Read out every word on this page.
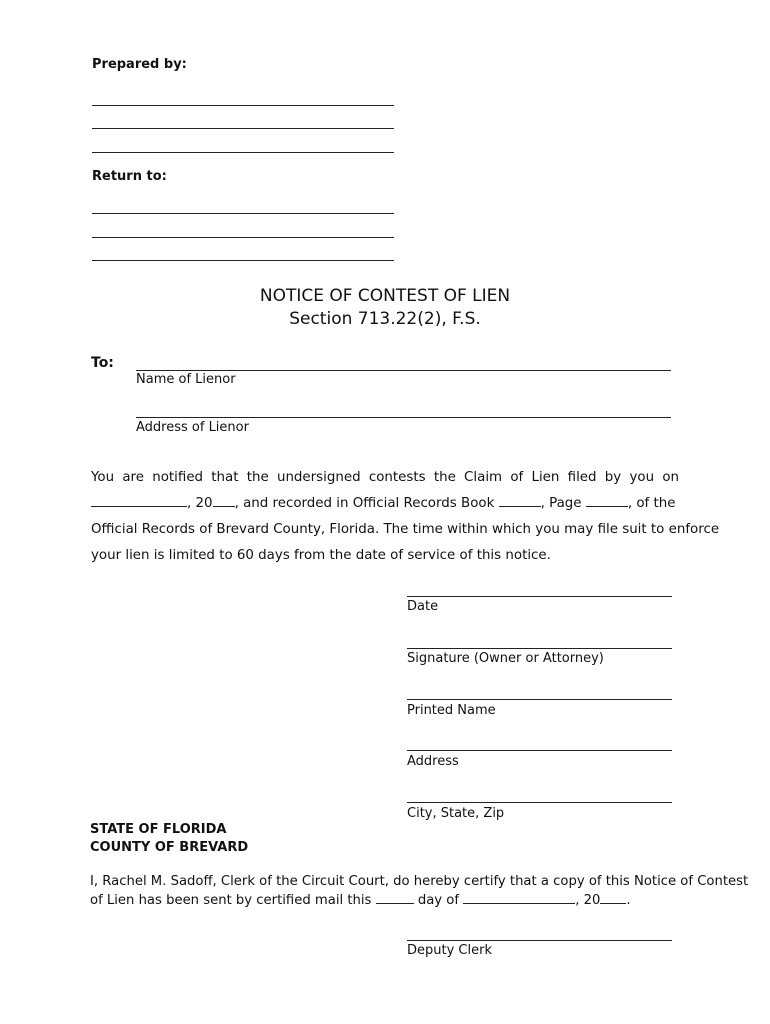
Prepared by:
Return to:
NOTICE OF CONTEST OF LIEN
Section 713.22(2), F.S.
To:
Name of Lienor
Address of Lienor
You are notified that the undersigned contests the Claim of Lien filed by you on
, 20 , and recorded in Official Records Book	, Page	, of the
Official Records of Brevard County, Florida. The time within which you may file suit to enforce
your lien is limited to 60 days from the date of service of this notice.
Date
Signature (Owner or Attorney)
Printed Name
Address
City, State, Zip
STATE OF FLORIDA
COUNTY OF BREVARD
I, Rachel M. Sadoff, Clerk of the Circuit Court, do hereby certify that a copy of this Notice of Contest
of Lien has been sent by certified mail this	day of	, 20 .
Deputy Clerk
